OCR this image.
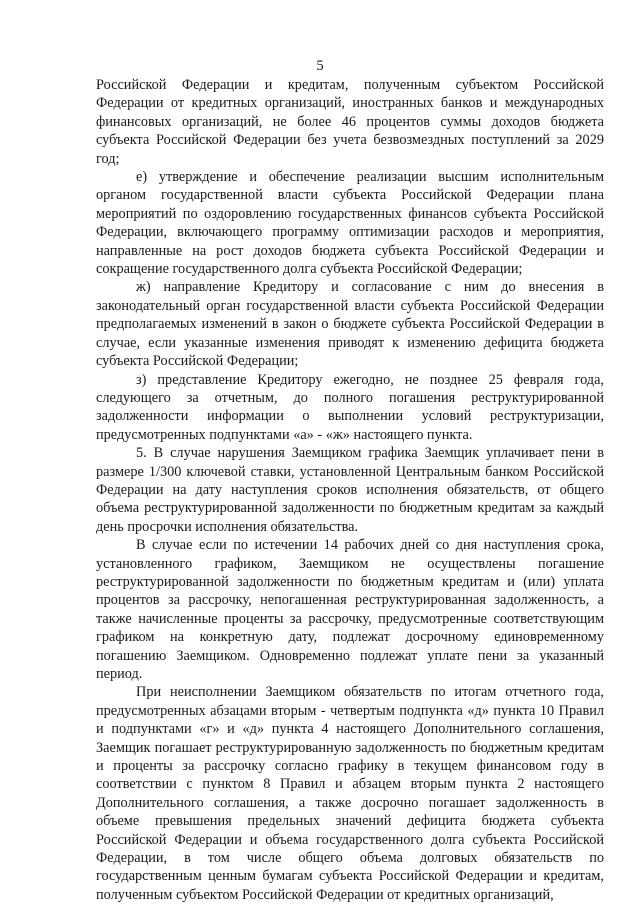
5

Российской Федерации и кредитам, полученным субъектом Российской Федерации от кредитных организаций, иностранных банков и международных финансовых организаций, не более 46 процентов суммы доходов бюджета субъекта Российской Федерации без учета безвозмездных поступлений за 2029 год;

е) утверждение и обеспечение реализации высшим исполнительным органом государственной власти субъекта Российской Федерации плана мероприятий по оздоровлению государственных финансов субъекта Российской Федерации, включающего программу оптимизации расходов и мероприятия, направленные на рост доходов бюджета субъекта Российской Федерации и сокращение государственного долга субъекта Российской Федерации;

ж) направление Кредитору и согласование с ним до внесения в законодательный орган государственной власти субъекта Российской Федерации предполагаемых изменений в закон о бюджете субъекта Российской Федерации в случае, если указанные изменения приводят к изменению дефицита бюджета субъекта Российской Федерации;

з) представление Кредитору ежегодно, не позднее 25 февраля года, следующего за отчетным, до полного погашения реструктурированной задолженности информации о выполнении условий реструктуризации, предусмотренных подпунктами «а» - «ж» настоящего пункта.

5. В случае нарушения Заемщиком графика Заемщик уплачивает пени в размере 1/300 ключевой ставки, установленной Центральным банком Российской Федерации на дату наступления сроков исполнения обязательств, от общего объема реструктурированной задолженности по бюджетным кредитам за каждый день просрочки исполнения обязательства.

В случае если по истечении 14 рабочих дней со дня наступления срока, установленного графиком, Заемщиком не осуществлены погашение реструктурированной задолженности по бюджетным кредитам и (или) уплата процентов за рассрочку, непогашенная реструктурированная задолженность, а также начисленные проценты за рассрочку, предусмотренные соответствующим графиком на конкретную дату, подлежат досрочному единовременному погашению Заемщиком. Одновременно подлежат уплате пени за указанный период.

При неисполнении Заемщиком обязательств по итогам отчетного года, предусмотренных абзацами вторым - четвертым подпункта «д» пункта 10 Правил и подпунктами «г» и «д» пункта 4 настоящего Дополнительного соглашения, Заемщик погашает реструктурированную задолженность по бюджетным кредитам и проценты за рассрочку согласно графику в текущем финансовом году в соответствии с пунктом 8 Правил и абзацем вторым пункта 2 настоящего Дополнительного соглашения, а также досрочно погашает задолженность в объеме превышения предельных значений дефицита бюджета субъекта Российской Федерации и объема государственного долга субъекта Российской Федерации, в том числе общего объема долговых обязательств по государственным ценным бумагам субъекта Российской Федерации и кредитам, полученным субъектом Российской Федерации от кредитных организаций,
